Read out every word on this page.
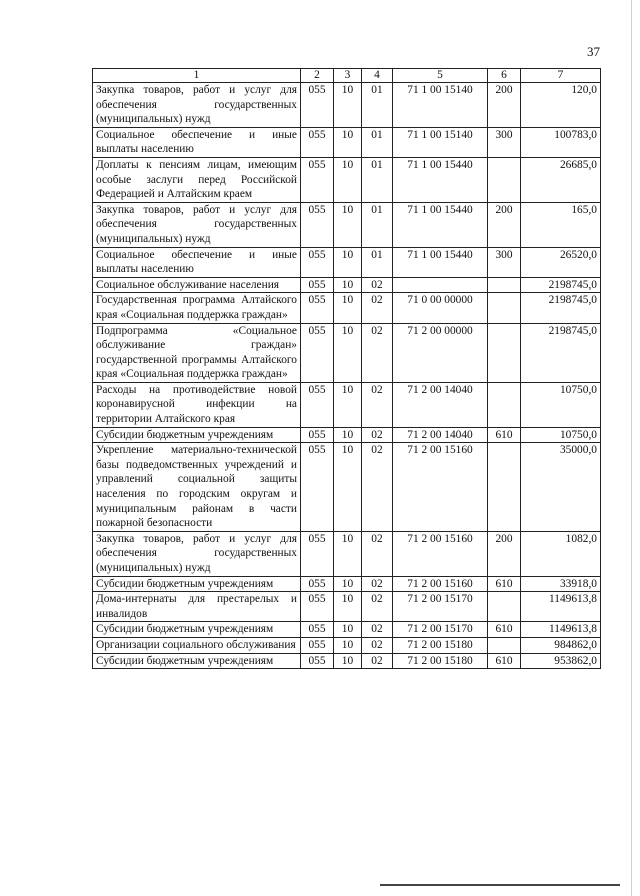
37
1	2	3	4	5	6	7
Закупка товаров, работ и услуг для обеспечения государственных (муниципальных) нужд	055	10	01	71 1 00 15140	200	120,0
Социальное обеспечение и иные выплаты населению	055	10	01	71 1 00 15140	300	100783,0
Доплаты к пенсиям лицам, имеющим особые заслуги перед Российской Федерацией и Алтайским краем	055	10	01	71 1 00 15440		26685,0
Закупка товаров, работ и услуг для обеспечения государственных (муниципальных) нужд	055	10	01	71 1 00 15440	200	165,0
Социальное обеспечение и иные выплаты населению	055	10	01	71 1 00 15440	300	26520,0
Социальное обслуживание населения	055	10	02			2198745,0
Государственная программа Алтайского края «Социальная поддержка граждан»	055	10	02	71 0 00 00000		2198745,0
Подпрограмма «Социальное обслуживание граждан» государственной программы Алтайского края «Социальная поддержка граждан»	055	10	02	71 2 00 00000		2198745,0
Расходы на противодействие новой коронавирусной инфекции на территории Алтайского края	055	10	02	71 2 00 14040		10750,0
Субсидии бюджетным учреждениям	055	10	02	71 2 00 14040	610	10750,0
Укрепление материально-технической базы подведомственных учреждений и управлений социальной защиты населения по городским округам и муниципальным районам в части пожарной безопасности	055	10	02	71 2 00 15160		35000,0
Закупка товаров, работ и услуг для обеспечения государственных (муниципальных) нужд	055	10	02	71 2 00 15160	200	1082,0
Субсидии бюджетным учреждениям	055	10	02	71 2 00 15160	610	33918,0
Дома-интернаты для престарелых и инвалидов	055	10	02	71 2 00 15170		1149613,8
Субсидии бюджетным учреждениям	055	10	02	71 2 00 15170	610	1149613,8
Организации социального обслуживания	055	10	02	71 2 00 15180		984862,0
Субсидии бюджетным учреждениям	055	10	02	71 2 00 15180	610	953862,0
